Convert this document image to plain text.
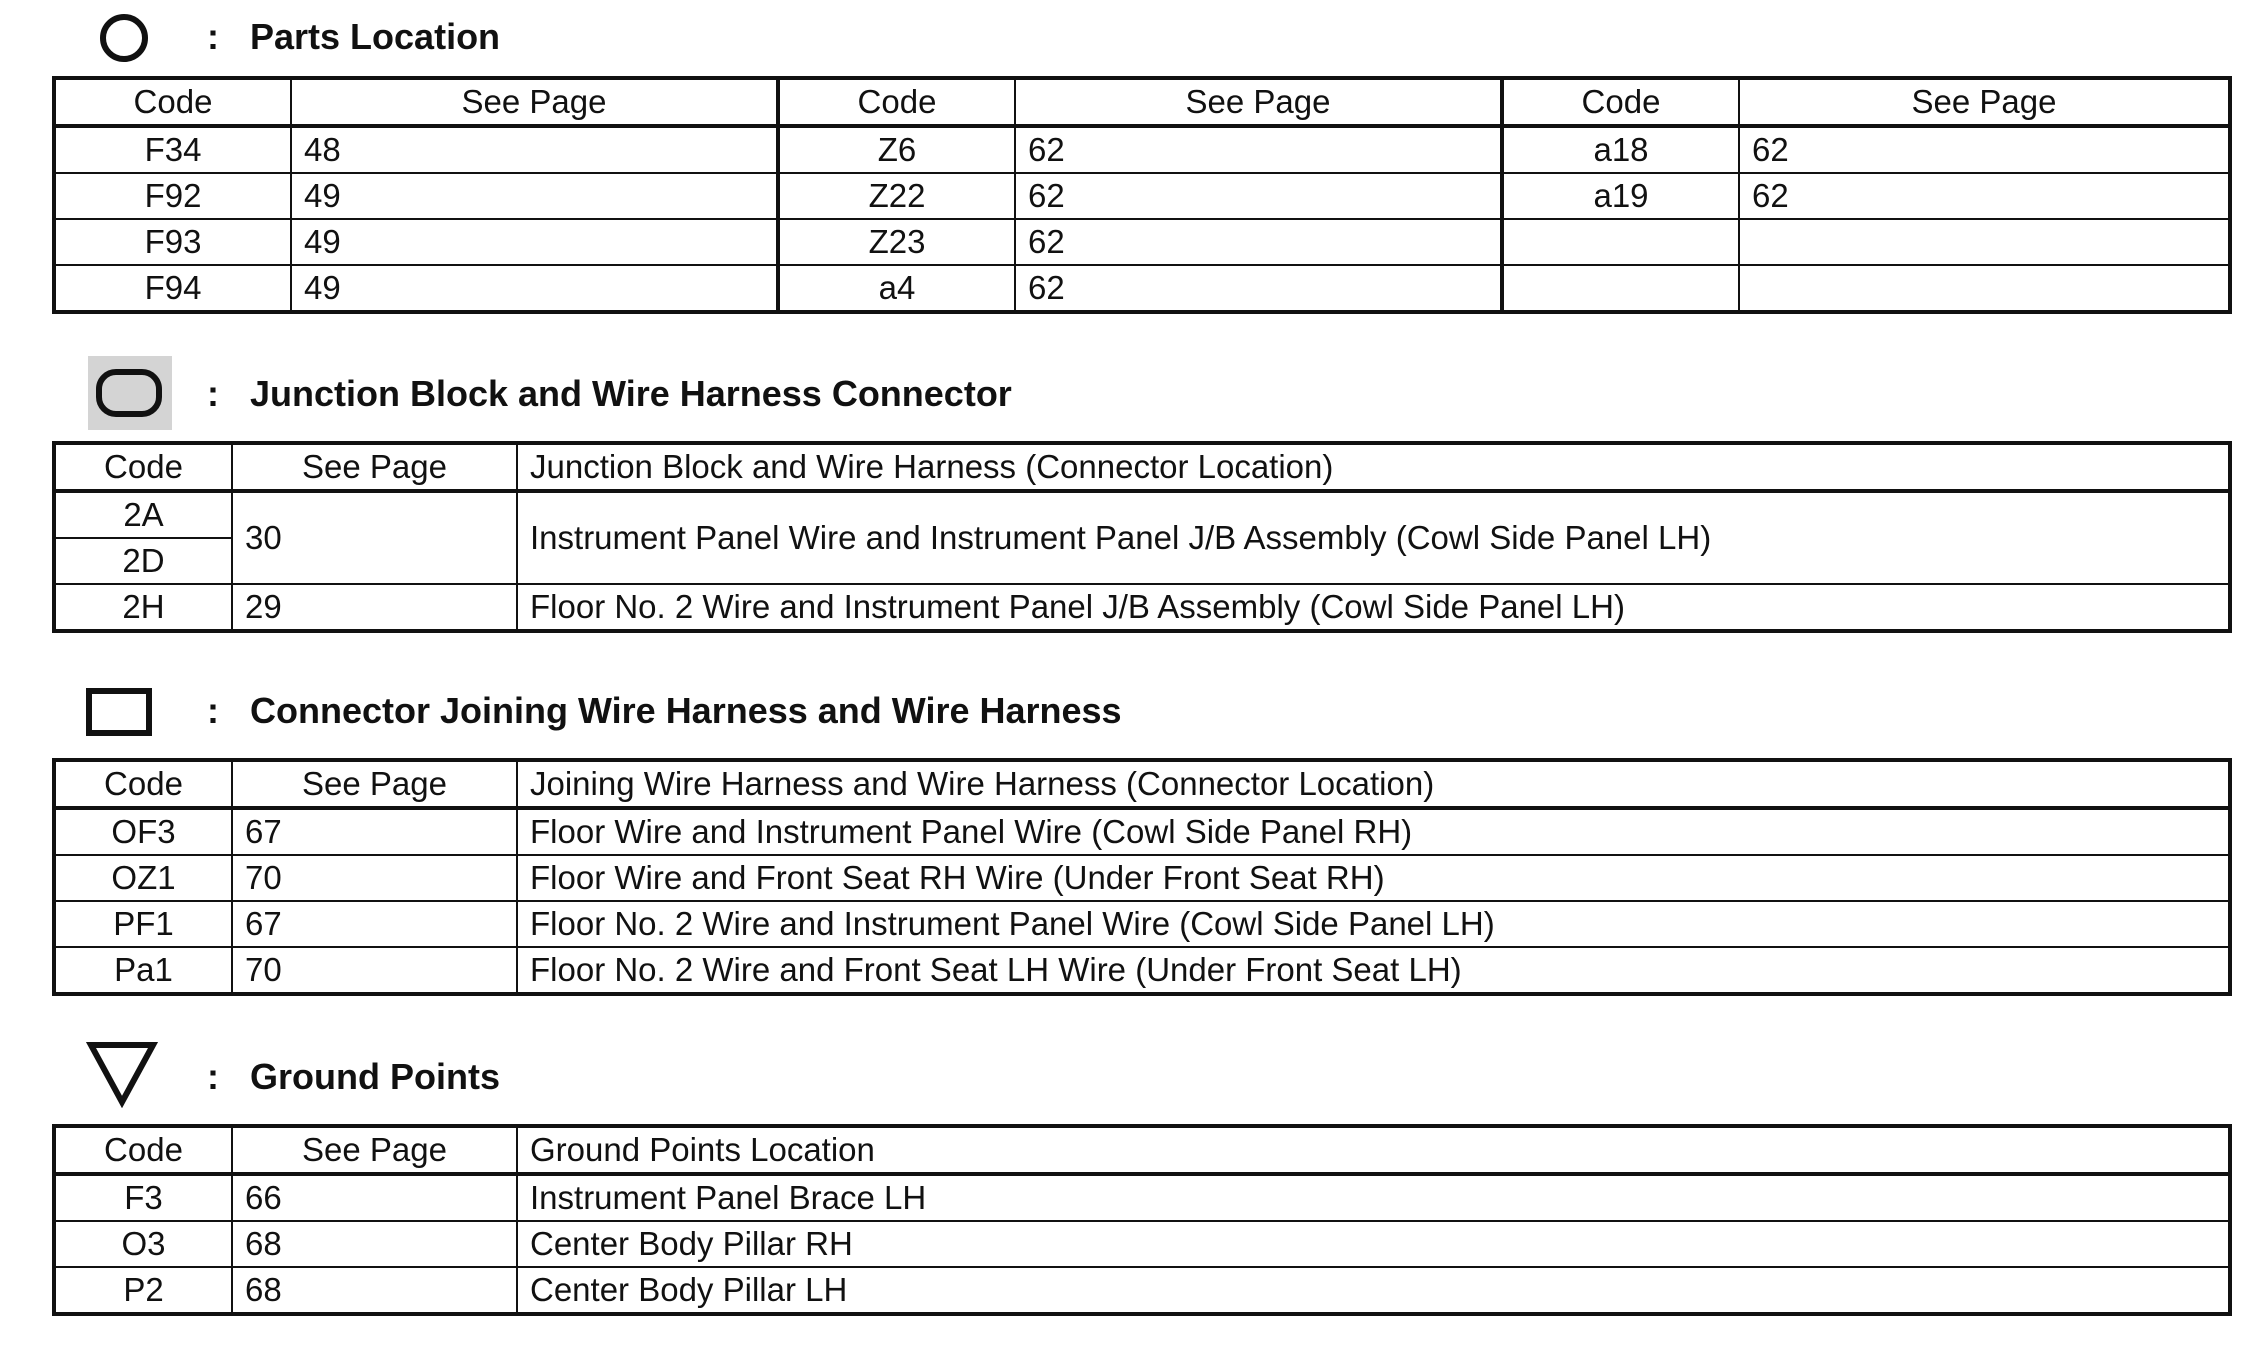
: Parts Location
Code	See Page	Code	See Page	Code	See Page
F34	48	Z6	62	a18	62
F92	49	Z22	62	a19	62
F93	49	Z23	62		
F94	49	a4	62		
: Junction Block and Wire Harness Connector
Code	See Page	Junction Block and Wire Harness (Connector Location)
2A	30	Instrument Panel Wire and Instrument Panel J/B Assembly (Cowl Side Panel LH)
2D		
2H	29	Floor No. 2 Wire and Instrument Panel J/B Assembly (Cowl Side Panel LH)
: Connector Joining Wire Harness and Wire Harness
Code	See Page	Joining Wire Harness and Wire Harness (Connector Location)
OF3	67	Floor Wire and Instrument Panel Wire (Cowl Side Panel RH)
OZ1	70	Floor Wire and Front Seat RH Wire (Under Front Seat RH)
PF1	67	Floor No. 2 Wire and Instrument Panel Wire (Cowl Side Panel LH)
Pa1	70	Floor No. 2 Wire and Front Seat LH Wire (Under Front Seat LH)
: Ground Points
Code	See Page	Ground Points Location
F3	66	Instrument Panel Brace LH
O3	68	Center Body Pillar RH
P2	68	Center Body Pillar LH
